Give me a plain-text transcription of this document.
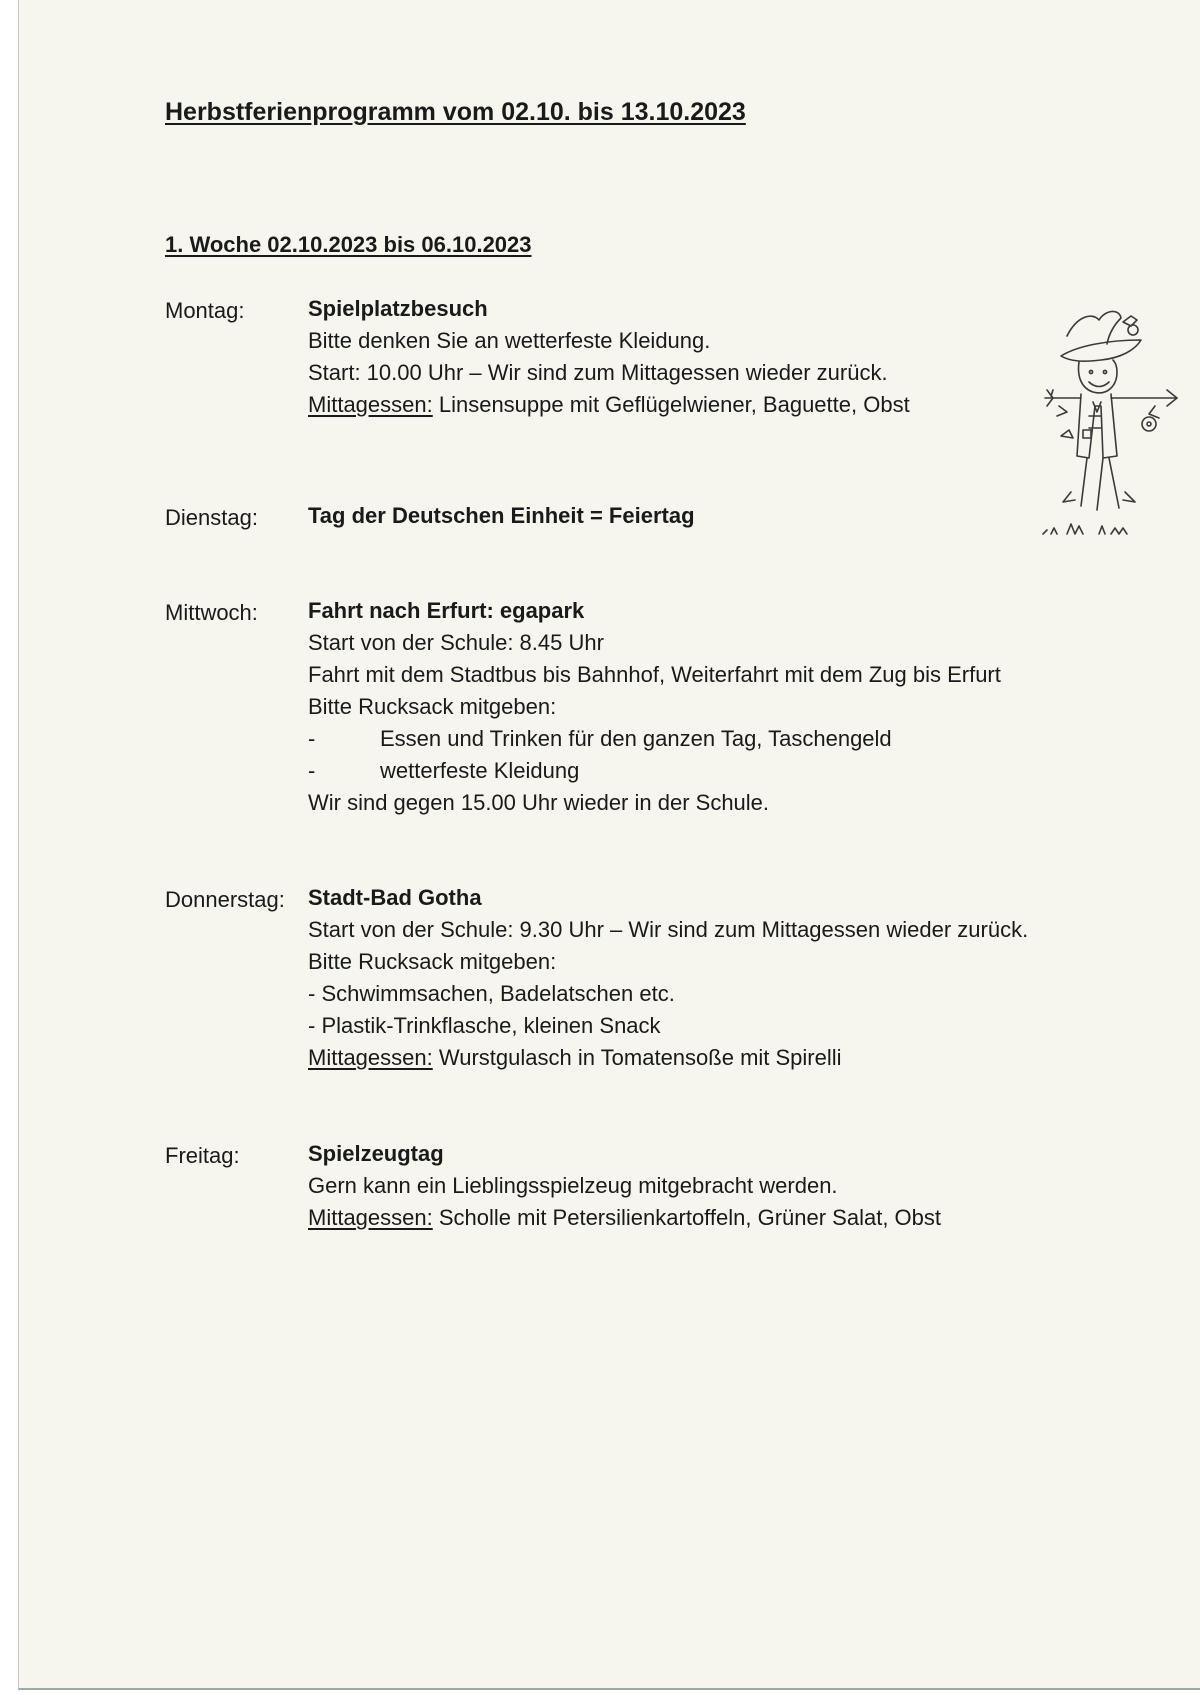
Herbstferienprogramm vom 02.10. bis 13.10.2023
1. Woche 02.10.2023 bis 06.10.2023
Montag:	Spielplatzbesuch
Bitte denken Sie an wetterfeste Kleidung.
Start: 10.00 Uhr – Wir sind zum Mittagessen wieder zurück.
Mittagessen: Linsensuppe mit Geflügelwiener, Baguette, Obst
Dienstag: Tag der Deutschen Einheit = Feiertag
Mittwoch: Fahrt nach Erfurt: egapark
Start von der Schule: 8.45 Uhr
Fahrt mit dem Stadtbus bis Bahnhof, Weiterfahrt mit dem Zug bis Erfurt
Bitte Rucksack mitgeben:
-	Essen und Trinken für den ganzen Tag, Taschengeld
-	wetterfeste Kleidung
Wir sind gegen 15.00 Uhr wieder in der Schule.
Donnerstag: Stadt-Bad Gotha
Start von der Schule: 9.30 Uhr – Wir sind zum Mittagessen wieder zurück.
Bitte Rucksack mitgeben:
- Schwimmsachen, Badelatschen etc.
- Plastik-Trinkflasche, kleinen Snack
Mittagessen: Wurstgulasch in Tomatensoße mit Spirelli
Freitag:	Spielzeugtag
Gern kann ein Lieblingsspielzeug mitgebracht werden.
Mittagessen: Scholle mit Petersilienkartoffeln, Grüner Salat, Obst
